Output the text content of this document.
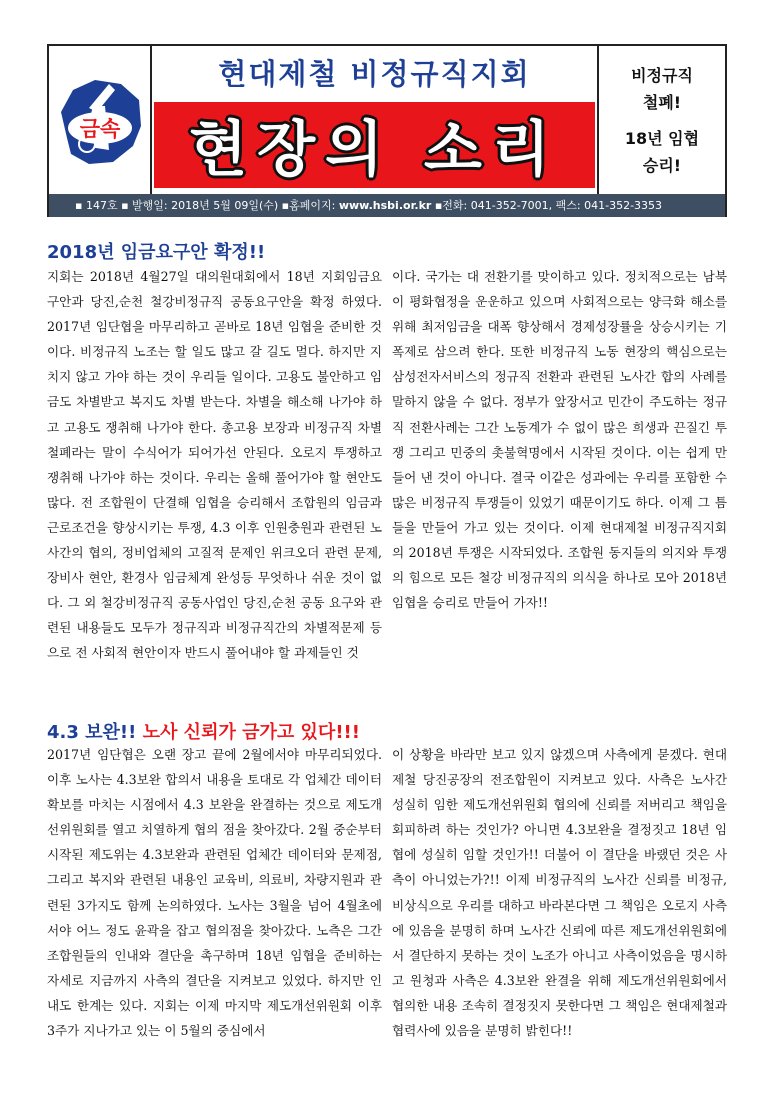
금속
현대제철 비정규직지회
현장의 소리
비정규직
철폐!
18년 임협
승리!
▪ 147호 ▪ 발행일: 2018년 5월 09일(수) ▪홈페이지: www.hsbi.or.kr ▪전화: 041-352-7001, 팩스: 041-352-3353
2018년 임금요구안 확정!!

지회는 2018년 4월27일 대의원대회에서 18년 지회임금요구안과 당진,순천 철강비정규직 공동요구안을 확정 하였다. 2017년 임단협을 마무리하고 곧바로 18년 임협을 준비한 것이다. 비정규직 노조는 할 일도 많고 갈 길도 멀다. 하지만 지치지 않고 가야 하는 것이 우리들 일이다. 고용도 불안하고 임금도 차별받고 복지도 차별 받는다. 차별을 해소해 나가야 하고 고용도 쟁취해 나가야 한다. 총고용 보장과 비정규직 차별철폐라는 말이 수식어가 되어가선 안된다. 오로지 투쟁하고 쟁취해 나가야 하는 것이다. 우리는 올해 풀어가야 할 현안도 많다. 전 조합원이 단결해 임협을 승리해서 조합원의 임금과 근로조건을 향상시키는 투쟁, 4.3 이후 인원충원과 관련된 노사간의 협의, 정비업체의 고질적 문제인 위크오더 관련 문제, 장비사 현안, 환경사 임금체계 완성등 무엇하나 쉬운 것이 없다. 그 외 철강비정규직 공동사업인 당진,순천 공동 요구와 관련된 내용들도 모두가 정규직과 비정규직간의 차별적문제 등으로 전 사회적 현안이자 반드시 풀어내야 할 과제들인 것

이다. 국가는 대 전환기를 맞이하고 있다. 정치적으로는 남북이 평화협정을 운운하고 있으며 사회적으로는 양극화 해소를 위해 최저임금을 대폭 향상해서 경제성장률을 상승시키는 기폭제로 삼으려 한다. 또한 비정규직 노동 현장의 핵심으로는 삼성전자서비스의 정규직 전환과 관련된 노사간 합의 사례를 말하지 않을 수 없다. 정부가 앞장서고 민간이 주도하는 정규직 전환사례는 그간 노동계가 수 없이 많은 희생과 끈질긴 투쟁 그리고 민중의 촛불혁명에서 시작된 것이다. 이는 쉽게 만들어 낸 것이 아니다. 결국 이같은 성과에는 우리를 포함한 수 많은 비정규직 투쟁들이 있었기 때문이기도 하다. 이제 그 틈들을 만들어 가고 있는 것이다. 이제 현대제철 비정규직지회의 2018년 투쟁은 시작되었다. 조합원 동지들의 의지와 투쟁의 힘으로 모든 철강 비정규직의 의식을 하나로 모아 2018년 임협을 승리로 만들어 가자!!

4.3 보완!! 노사 신뢰가 금가고 있다!!!

2017년 임단협은 오랜 장고 끝에 2월에서야 마무리되었다. 이후 노사는 4.3보완 합의서 내용을 토대로 각 업체간 데이터 확보를 마치는 시점에서 4.3 보완을 완결하는 것으로 제도개선위원회를 열고 치열하게 협의 점을 찾아갔다. 2월 중순부터 시작된 제도위는 4.3보완과 관련된 업체간 데이터와 문제점, 그리고 복지와 관련된 내용인 교육비, 의료비, 차량지원과 관련된 3가지도 함께 논의하였다. 노사는 3월을 넘어 4월초에서야 어느 정도 윤곽을 잡고 협의점을 찾아갔다. 노측은 그간 조합원들의 인내와 결단을 촉구하며 18년 임협을 준비하는 자세로 지금까지 사측의 결단을 지켜보고 있었다. 하지만 인내도 한계는 있다. 지회는 이제 마지막 제도개선위원회 이후 3주가 지나가고 있는 이 5월의 중심에서

이 상황을 바라만 보고 있지 않겠으며 사측에게 묻겠다. 현대제철 당진공장의 전조합원이 지켜보고 있다. 사측은 노사간 성실히 임한 제도개선위원회 협의에 신뢰를 저버리고 책임을 회피하려 하는 것인가? 아니면 4.3보완을 결정짓고 18년 임협에 성실히 임할 것인가!! 더불어 이 결단을 바랬던 것은 사측이 아니었는가?!! 이제 비정규직의 노사간 신뢰를 비정규, 비상식으로 우리를 대하고 바라본다면 그 책임은 오로지 사측에 있음을 분명히 하며 노사간 신뢰에 따른 제도개선위원회에서 결단하지 못하는 것이 노조가 아니고 사측이었음을 명시하고 원청과 사측은 4.3보완 완결을 위해 제도개선위원회에서 협의한 내용 조속히 결정짓지 못한다면 그 책임은 현대제철과 협력사에 있음을 분명히 밝힌다!!
